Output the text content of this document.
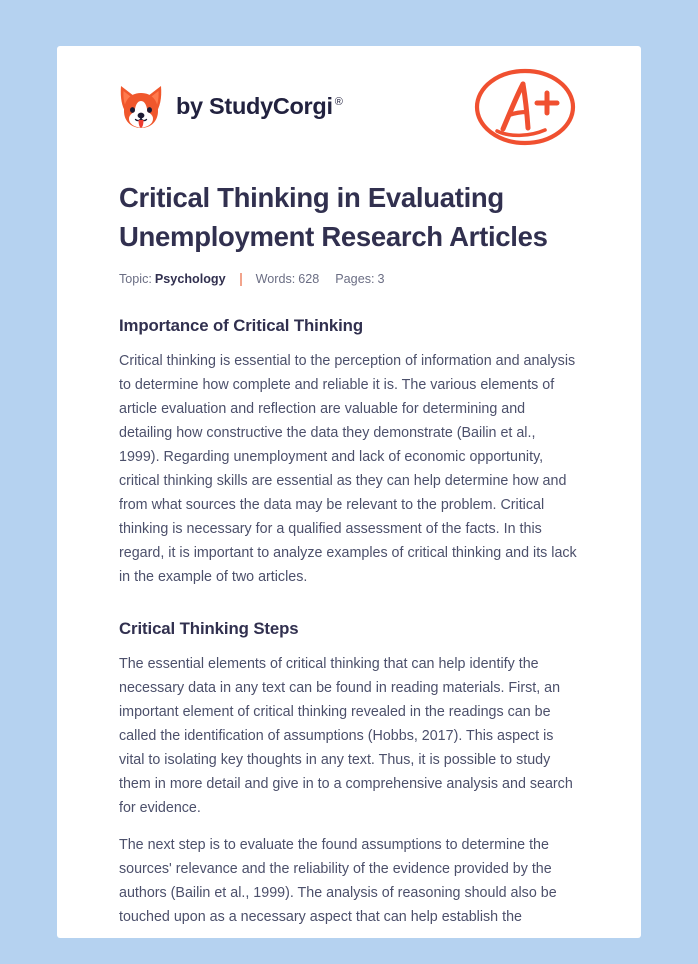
by StudyCorgi ®
Critical Thinking in Evaluating Unemployment Research Articles
Topic: Psychology Words: 628 Pages: 3
Importance of Critical Thinking

Critical thinking is essential to the perception of information and analysis to determine how complete and reliable it is. The various elements of article evaluation and reflection are valuable for determining and detailing how constructive the data they demonstrate (Bailin et al., 1999). Regarding unemployment and lack of economic opportunity, critical thinking skills are essential as they can help determine how and from what sources the data may be relevant to the problem. Critical thinking is necessary for a qualified assessment of the facts. In this regard, it is important to analyze examples of critical thinking and its lack in the example of two articles.

Critical Thinking Steps

The essential elements of critical thinking that can help identify the necessary data in any text can be found in reading materials. First, an important element of critical thinking revealed in the readings can be called the identification of assumptions (Hobbs, 2017). This aspect is vital to isolating key thoughts in any text. Thus, it is possible to study them in more detail and give in to a comprehensive analysis and search for evidence.

The next step is to evaluate the found assumptions to determine the sources' relevance and the reliability of the evidence provided by the authors (Bailin et al., 1999). The analysis of reasoning should also be touched upon as a necessary aspect that can help establish the
